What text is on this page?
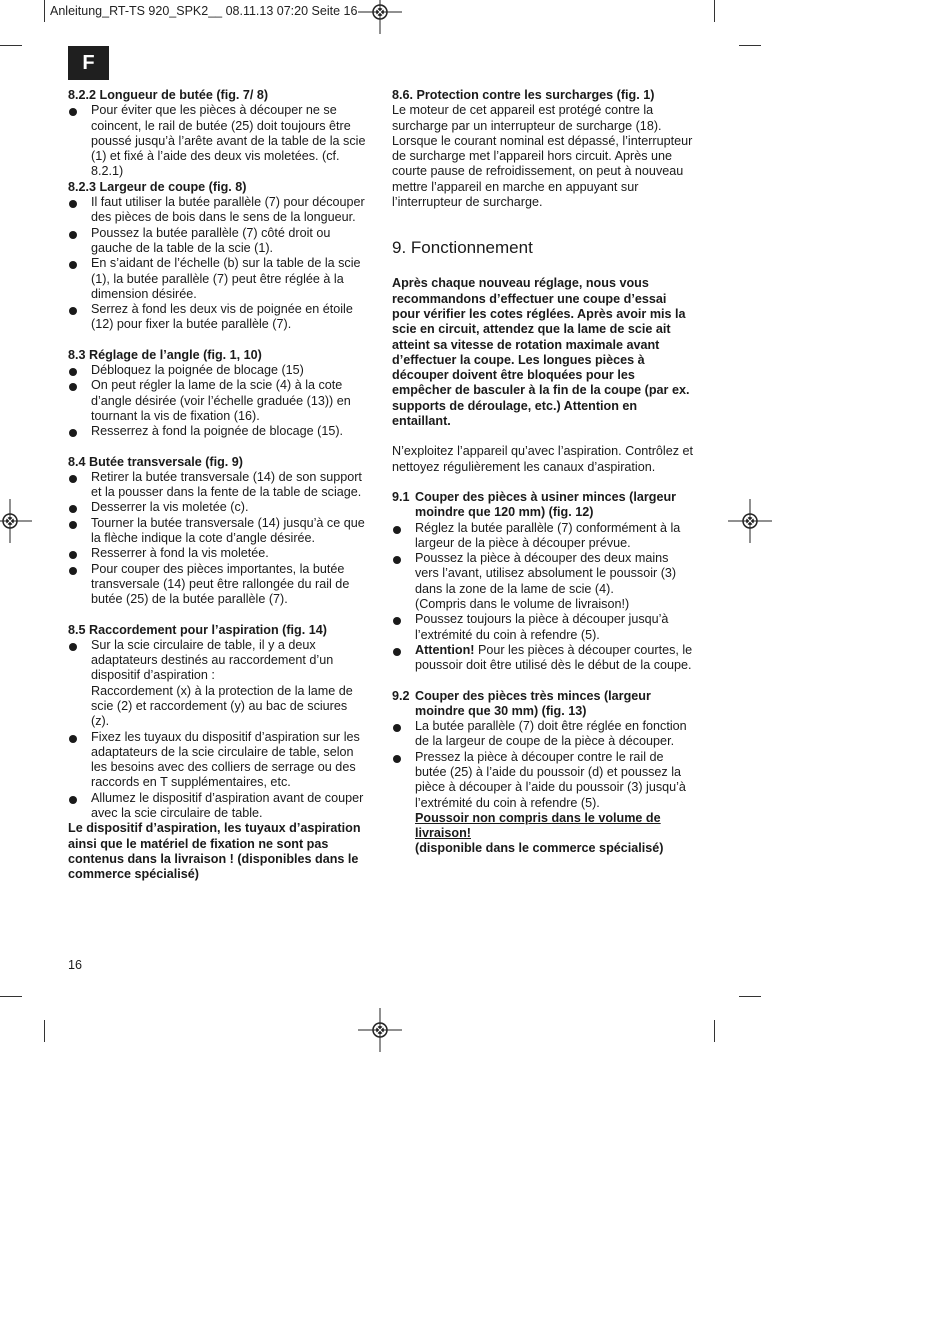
Anleitung_RT-TS 920_SPK2__ 08.11.13 07:20 Seite 16
F
8.2.2 Longueur de butée (fig. 7/ 8)
Pour éviter que les pièces à découper ne se coincent, le rail de butée (25) doit toujours être poussé jusqu’à l’arête avant de la table de la scie (1) et fixé à l’aide des deux vis moletées. (cf. 8.2.1)
8.2.3 Largeur de coupe (fig. 8)
Il faut utiliser la butée parallèle (7) pour découper des pièces de bois dans le sens de la longueur.
Poussez la butée parallèle (7) côté droit ou gauche de la table de la scie (1).
En s’aidant de l’échelle (b) sur la table de la scie (1), la butée parallèle (7) peut être réglée à la dimension désirée.
Serrez à fond les deux vis de poignée en étoile (12) pour fixer la butée parallèle (7).
8.3 Réglage de l’angle (fig. 1, 10)
Débloquez la poignée de blocage (15)
On peut régler la lame de la scie (4) à la cote d’angle désirée (voir l’échelle graduée (13)) en tournant la vis de fixation (16).
Resserrez à fond la poignée de blocage (15).
8.4 Butée transversale (fig. 9)
Retirer la butée transversale (14) de son support et la pousser dans la fente de la table de sciage.
Desserrer la vis moletée (c).
Tourner la butée transversale (14) jusqu’à ce que la flèche indique la cote d’angle désirée.
Resserrer à fond la vis moletée.
Pour couper des pièces importantes, la butée transversale (14) peut être rallongée du rail de butée (25) de la butée parallèle (7).
8.5 Raccordement pour l’aspiration (fig. 14)
Sur la scie circulaire de table, il y a deux adaptateurs destinés au raccordement d’un dispositif d’aspiration :
Raccordement (x) à la protection de la lame de scie (2) et raccordement (y) au bac de sciures (z).
Fixez les tuyaux du dispositif d’aspiration sur les adaptateurs de la scie circulaire de table, selon les besoins avec des colliers de serrage ou des raccords en T supplémentaires, etc.
Allumez le dispositif d’aspiration avant de couper avec la scie circulaire de table.
Le dispositif d’aspiration, les tuyaux d’aspiration ainsi que le matériel de fixation ne sont pas contenus dans la livraison ! (disponibles dans le commerce spécialisé)
8.6. Protection contre les surcharges (fig. 1)
Le moteur de cet appareil est protégé contre la surcharge par un interrupteur de surcharge (18). Lorsque le courant nominal est dépassé, l’interrupteur de surcharge met l’appareil hors circuit. Après une courte pause de refroidissement, on peut à nouveau mettre l’appareil en marche en appuyant sur l’interrupteur de surcharge.
9. Fonctionnement
Après chaque nouveau réglage, nous vous recommandons d’effectuer une coupe d’essai pour vérifier les cotes réglées. Après avoir mis la scie en circuit, attendez que la lame de scie ait atteint sa vitesse de rotation maximale avant d’effectuer la coupe. Les longues pièces à découper doivent être bloquées pour les empêcher de basculer à la fin de la coupe (par ex. supports de déroulage, etc.) Attention en entaillant.
N’exploitez l’appareil qu’avec l’aspiration. Contrôlez et nettoyez régulièrement les canaux d’aspiration.
9.1 Couper des pièces à usiner minces (largeur moindre que 120 mm) (fig. 12)
Réglez la butée parallèle (7) conformément à la largeur de la pièce à découper prévue.
Poussez la pièce à découper des deux mains vers l’avant, utilisez absolument le poussoir (3) dans la zone de la lame de scie (4).
(Compris dans le volume de livraison!)
Poussez toujours la pièce à découper jusqu’à l’extrémité du coin à refendre (5).
Attention! Pour les pièces à découper courtes, le poussoir doit être utilisé dès le début de la coupe.
9.2 Couper des pièces très minces (largeur moindre que 30 mm) (fig. 13)
La butée parallèle (7) doit être réglée en fonction de la largeur de coupe de la pièce à découper.
Pressez la pièce à découper contre le rail de butée (25) à l’aide du poussoir (d) et poussez la pièce à découper à l’aide du poussoir (3) jusqu’à l’extrémité du coin à refendre (5).
Poussoir non compris dans le volume de livraison!
(disponible dans le commerce spécialisé)
16
